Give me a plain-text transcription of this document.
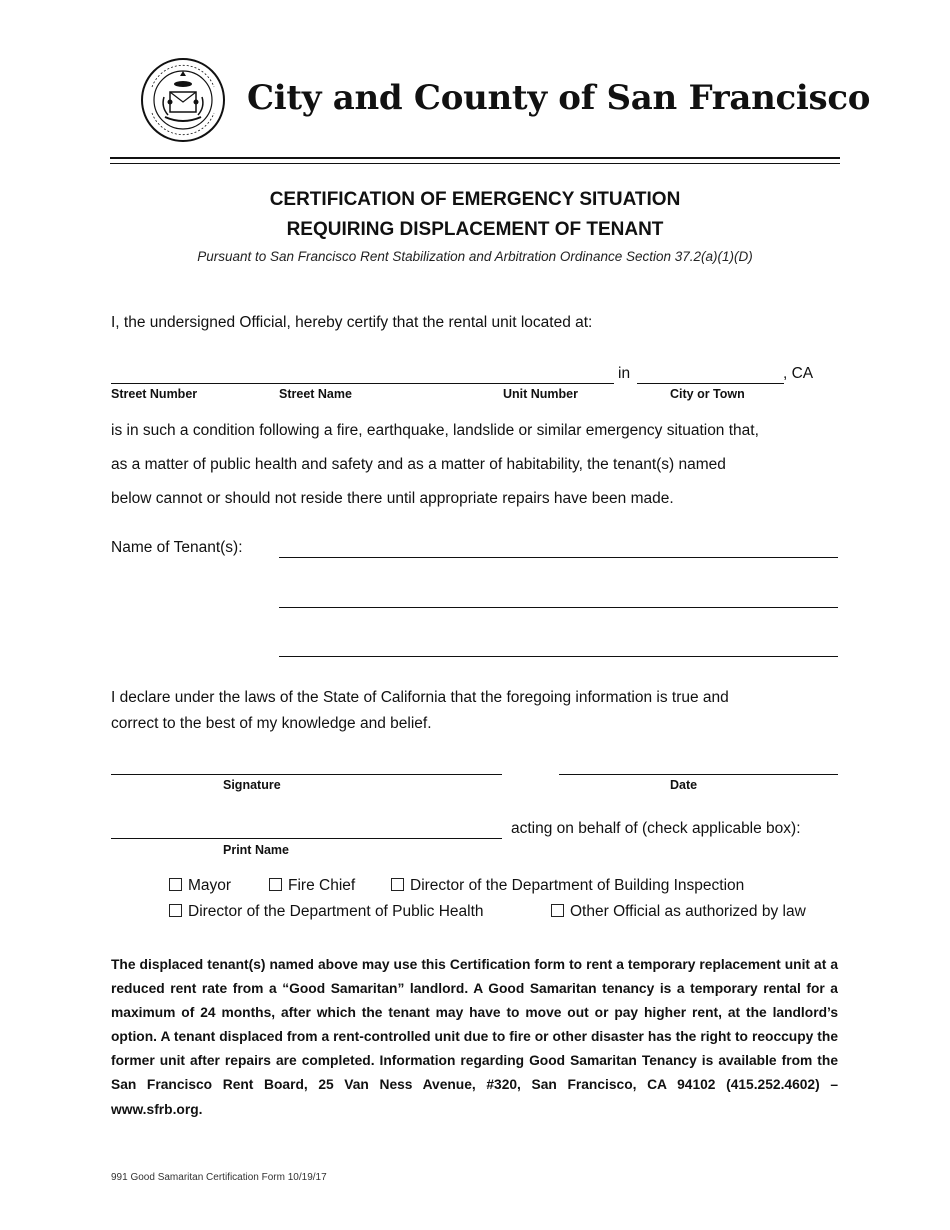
City and County of San Francisco
CERTIFICATION OF EMERGENCY SITUATION
REQUIRING DISPLACEMENT OF TENANT
Pursuant to San Francisco Rent Stabilization and Arbitration Ordinance Section 37.2(a)(1)(D)
I, the undersigned Official, hereby certify that the rental unit located at:
in	, CA
Street Number	Street Name	Unit Number	City or Town
is in such a condition following a fire, earthquake, landslide or similar emergency situation that,
as a matter of public health and safety and as a matter of habitability, the tenant(s) named
below cannot or should not reside there until appropriate repairs have been made.
Name of Tenant(s):
I declare under the laws of the State of California that the foregoing information is true and
correct to the best of my knowledge and belief.
Signature	Date
acting on behalf of (check applicable box):
Print Name
Mayor	Fire Chief	Director of the Department of Building Inspection
Director of the Department of Public Health	Other Official as authorized by law
The displaced tenant(s) named above may use this Certification form to rent a temporary replacement unit at a reduced rent rate from a “Good Samaritan” landlord. A Good Samaritan tenancy is a temporary rental for a maximum of 24 months, after which the tenant may have to move out or pay higher rent, at the landlord’s option. A tenant displaced from a rent-controlled unit due to fire or other disaster has the right to reoccupy the former unit after repairs are completed. Information regarding Good Samaritan Tenancy is available from the San Francisco Rent Board, 25 Van Ness Avenue, #320, San Francisco, CA 94102 (415.252.4602) – www.sfrb.org.
991 Good Samaritan Certification Form 10/19/17
